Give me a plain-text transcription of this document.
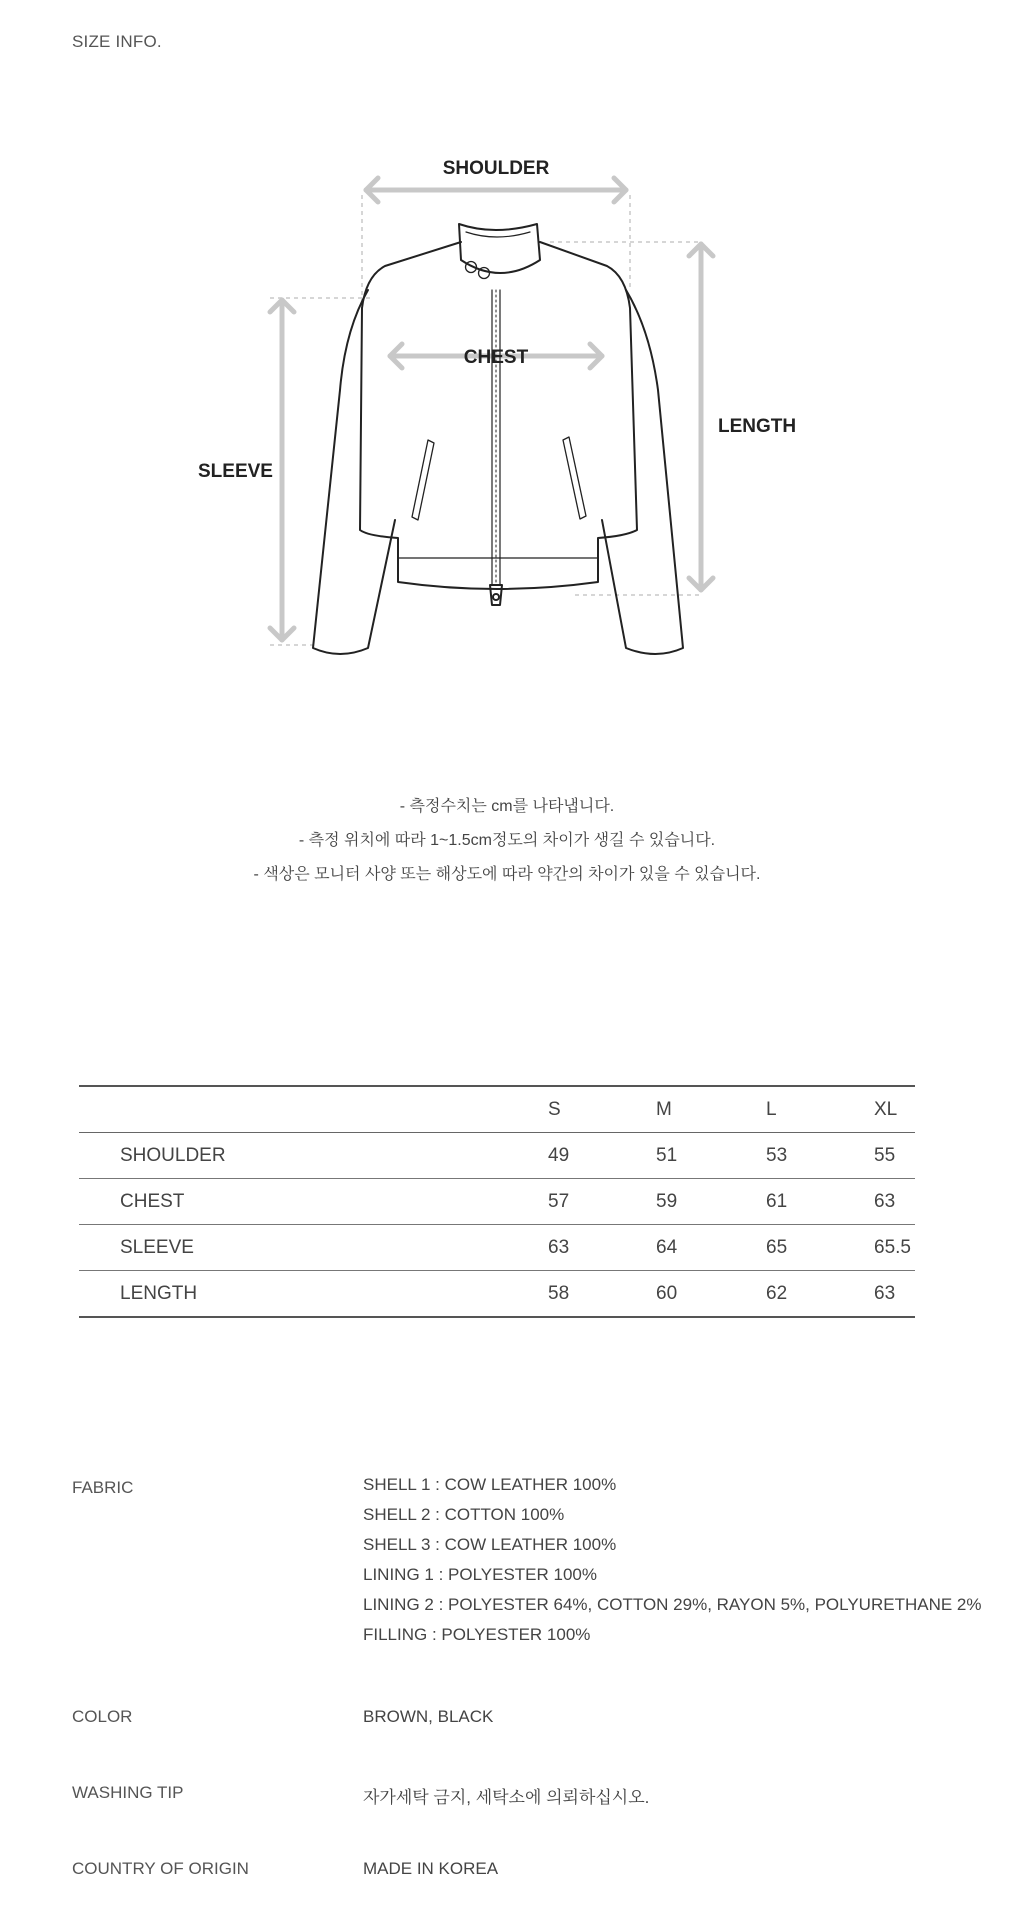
SIZE INFO.
SHOULDER
CHEST
LENGTH
SLEEVE
- 측정수치는 cm를 나타냅니다.
- 측정 위치에 따라 1~1.5cm정도의 차이가 생길 수 있습니다.
- 색상은 모니터 사양 또는 해상도에 따라 약간의 차이가 있을 수 있습니다.
	S	M	L	XL
SHOULDER	49	51	53	55
CHEST	57	59	61	63
SLEEVE	63	64	65	65.5
LENGTH	58	60	62	63
FABRIC	SHELL 1 : COW LEATHER 100%
SHELL 2 : COTTON 100%
SHELL 3 : COW LEATHER 100%
LINING 1 : POLYESTER 100%
LINING 2 : POLYESTER 64%, COTTON 29%, RAYON 5%, POLYURETHANE 2%
FILLING : POLYESTER 100%
COLOR	BROWN, BLACK
WASHING TIP	자가세탁 금지, 세탁소에 의뢰하십시오.
COUNTRY OF ORIGIN	MADE IN KOREA
